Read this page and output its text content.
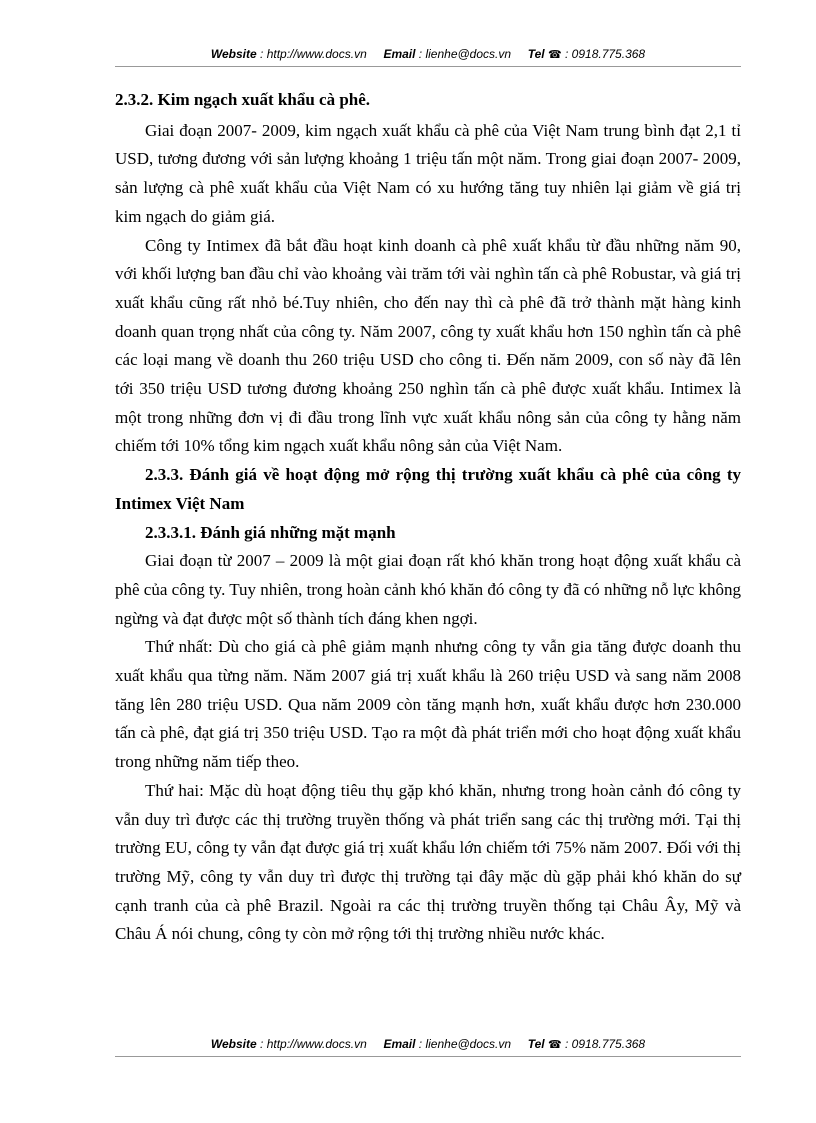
Website : http://www.docs.vn Email : lienhe@docs.vn Tel ☎ : 0918.775.368

2.3.2. Kim ngạch xuất khẩu cà phê.

Giai đoạn 2007- 2009, kim ngạch xuất khẩu cà phê của Việt Nam trung bình đạt 2,1 tỉ USD, tương đương với sản lượng khoảng 1 triệu tấn một năm. Trong giai đoạn 2007- 2009, sản lượng cà phê xuất khẩu của Việt Nam có xu hướng tăng tuy nhiên lại giảm về giá trị kim ngạch do giảm giá.

Công ty Intimex đã bắt đầu hoạt kinh doanh cà phê xuất khẩu từ đầu những năm 90, với khối lượng ban đầu chỉ vào khoảng vài trăm tới vài nghìn tấn cà phê Robustar, và giá trị xuất khẩu cũng rất nhỏ bé.Tuy nhiên, cho đến nay thì cà phê đã trở thành mặt hàng kinh doanh quan trọng nhất của công ty. Năm 2007, công ty xuất khẩu hơn 150 nghìn tấn cà phê các loại mang về doanh thu 260 triệu USD cho công ti. Đến năm 2009, con số này đã lên tới 350 triệu USD tương đương khoảng 250 nghìn tấn cà phê được xuất khẩu. Intimex là một trong những đơn vị đi đầu trong lĩnh vực xuất khẩu nông sản của công ty hằng năm chiếm tới 10% tổng kim ngạch xuất khẩu nông sản của Việt Nam.

2.3.3. Đánh giá về hoạt động mở rộng thị trường xuất khẩu cà phê của công ty Intimex Việt Nam

2.3.3.1. Đánh giá những mặt mạnh

Giai đoạn từ 2007 – 2009 là một giai đoạn rất khó khăn trong hoạt động xuất khẩu cà phê của công ty. Tuy nhiên, trong hoàn cảnh khó khăn đó công ty đã có những nỗ lực không ngừng và đạt được một số thành tích đáng khen ngợi.

Thứ nhất: Dù cho giá cà phê giảm mạnh nhưng công ty vẫn gia tăng được doanh thu xuất khẩu qua từng năm. Năm 2007 giá trị xuất khẩu là 260 triệu USD và sang năm 2008 tăng lên 280 triệu USD. Qua năm 2009 còn tăng mạnh hơn, xuất khẩu được hơn 230.000 tấn cà phê, đạt giá trị 350 triệu USD. Tạo ra một đà phát triển mới cho hoạt động xuất khẩu trong những năm tiếp theo.

Thứ hai: Mặc dù hoạt động tiêu thụ gặp khó khăn, nhưng trong hoàn cảnh đó công ty vẫn duy trì được các thị trường truyền thống và phát triển sang các thị trường mới. Tại thị trường EU, công ty vẫn đạt được giá trị xuất khẩu lớn chiếm tới 75% năm 2007. Đối với thị trường Mỹ, công ty vẫn duy trì được thị trường tại đây mặc dù gặp phải khó khăn do sự cạnh tranh của cà phê Brazil. Ngoài ra các thị trường truyền thống tại Châu Ây, Mỹ và Châu Á nói chung, công ty còn mở rộng tới thị trường nhiều nước khác.

Website : http://www.docs.vn Email : lienhe@docs.vn Tel ☎ : 0918.775.368
